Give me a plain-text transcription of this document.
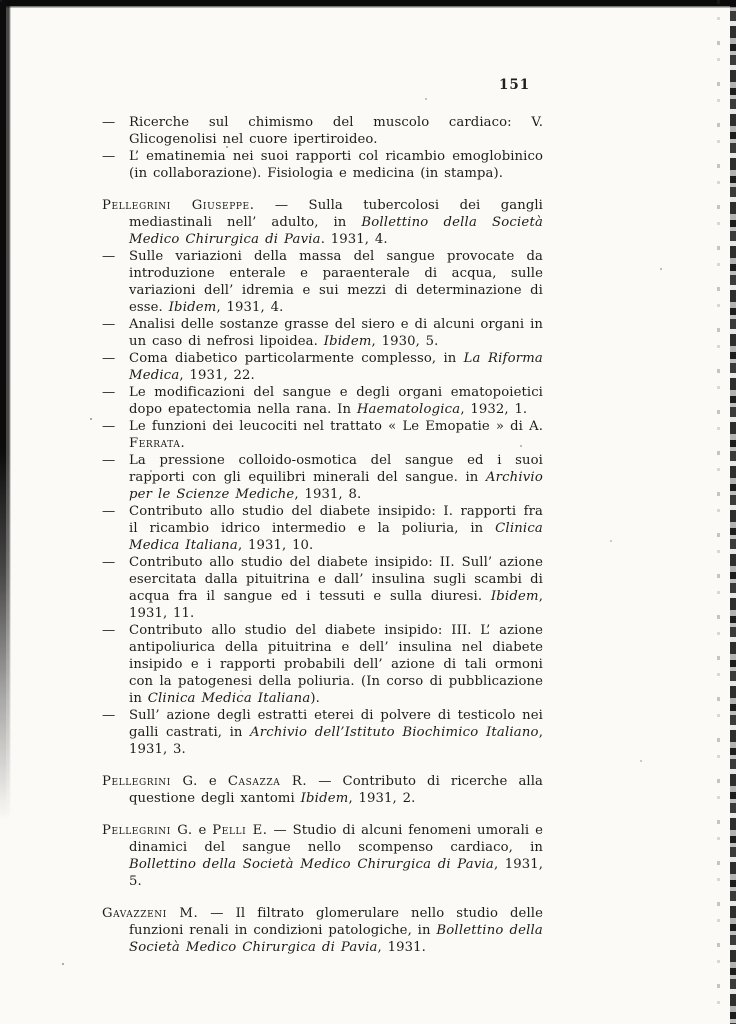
151

— Ricerche sul chimismo del muscolo cardiaco: V. Glicogenolisi nel cuore ipertiroideo.

— L’ ematinemia nei suoi rapporti col ricambio emoglobinico (in collaborazione). Fisiologia e medicina (in stampa).

Pellegrini Giuseppe. — Sulla tubercolosi dei gangli mediastinali nell’ adulto, in Bollettino della Società Medico Chirurgica di Pavia. 1931, 4.

— Sulle variazioni della massa del sangue provocate da introduzione enterale e paraenterale di acqua, sulle variazioni dell’ idremia e sui mezzi di determinazione di esse. Ibidem, 1931, 4.

— Analisi delle sostanze grasse del siero e di alcuni organi in un caso di nefrosi lipoidea. Ibidem, 1930, 5.

— Coma diabetico particolarmente complesso, in La Riforma Medica, 1931, 22.

— Le modificazioni del sangue e degli organi ematopoietici dopo epatectomia nella rana. In Haematologica, 1932, 1.

— Le funzioni dei leucociti nel trattato « Le Emopatie » di A. Ferrata.

— La pressione colloido-osmotica del sangue ed i suoi rapporti con gli equilibri minerali del sangue. in Archivio per le Scienze Mediche, 1931, 8.

— Contributo allo studio del diabete insipido: I. rapporti fra il ricambio idrico intermedio e la poliuria, in Clinica Medica Italiana, 1931, 10.

— Contributo allo studio del diabete insipido: II. Sull’ azione esercitata dalla pituitrina e dall’ insulina sugli scambi di acqua fra il sangue ed i tessuti e sulla diuresi. Ibidem, 1931, 11.

— Contributo allo studio del diabete insipido: III. L’ azione antipoliurica della pituitrina e dell’ insulina nel diabete insipido e i rapporti probabili dell’ azione di tali ormoni con la patogenesi della poliuria. (In corso di pubblicazione in Clinica Medica Italiana).

— Sull’ azione degli estratti eterei di polvere di testicolo nei galli castrati, in Archivio dell’Istituto Biochimico Italiano, 1931, 3.

Pellegrini G. e Casazza R. — Contributo di ricerche alla questione degli xantomi Ibidem, 1931, 2.

Pellegrini G. e Pelli E. — Studio di alcuni fenomeni umorali e dinamici del sangue nello scompenso cardiaco, in Bollettino della Società Medico Chirurgica di Pavia, 1931, 5.

Gavazzeni M. — Il filtrato glomerulare nello studio delle funzioni renali in condizioni patologiche, in Bollettino della Società Medico Chirurgica di Pavia, 1931.
